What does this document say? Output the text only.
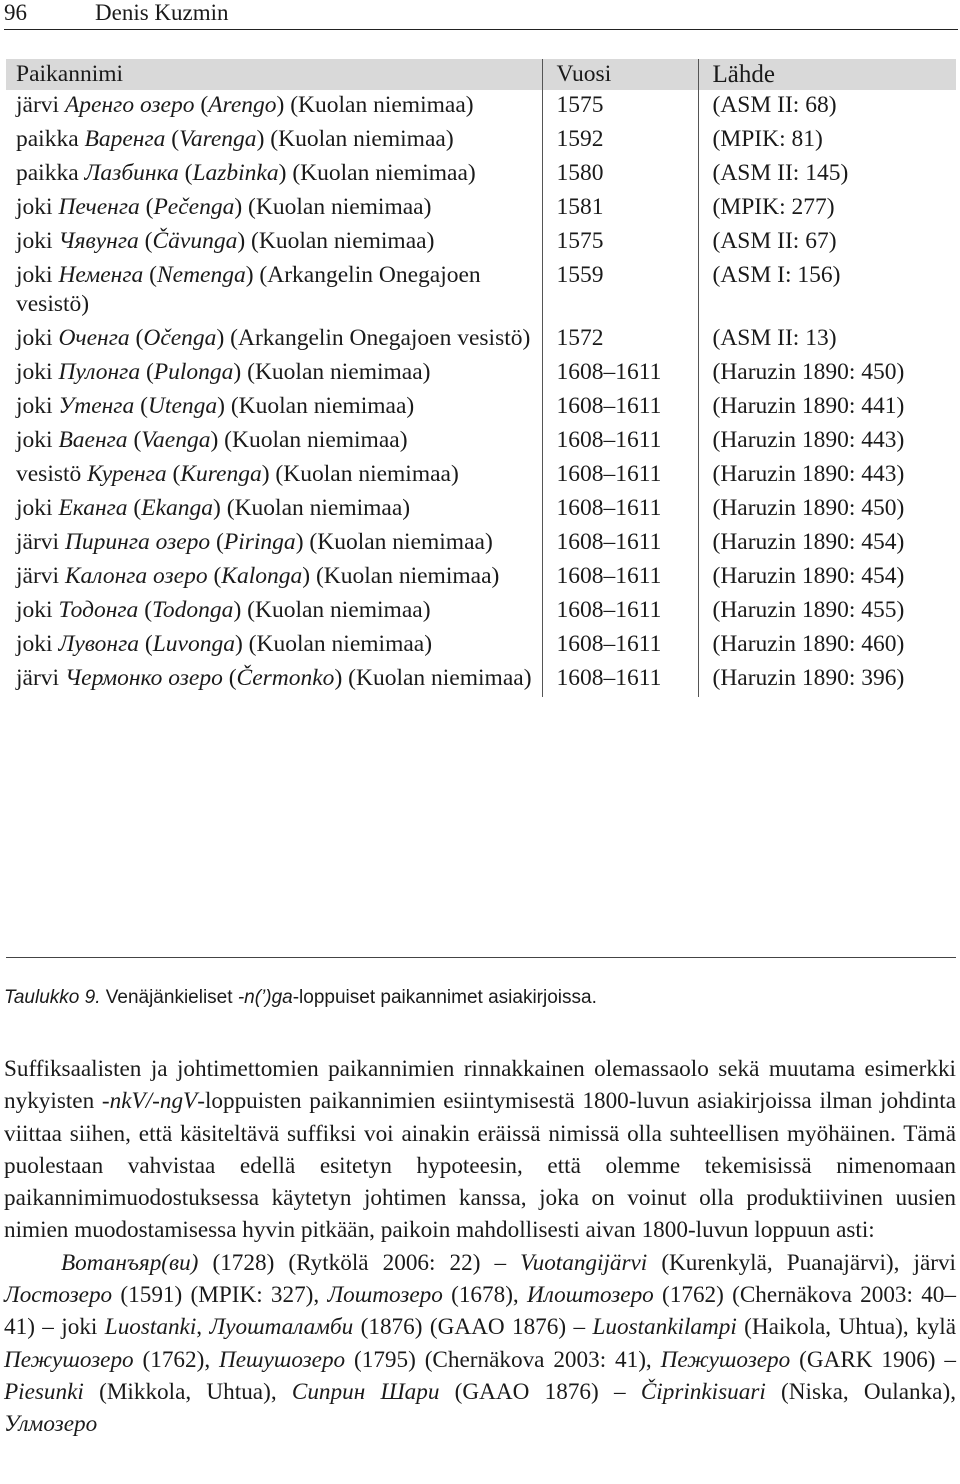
96	Denis Kuzmin
Paikannimi	Vuosi	Lähde
järvi Аренго озеро (Arengo) (Kuolan niemimaa)	1575	(ASM II: 68)
paikka Варенга (Varenga) (Kuolan niemimaa)	1592	(MPIK: 81)
paikka Лазбинка (Lazbinka) (Kuolan niemimaa)	1580	(ASM II: 145)
joki Печенга (Pečenga) (Kuolan niemimaa)	1581	(MPIK: 277)
joki Чявунга (Čävunga) (Kuolan niemimaa)	1575	(ASM II: 67)
joki Неменга (Nemenga) (Arkangelin Onegajoen vesistö)	1559	(ASM I: 156)
joki Оченга (Očenga) (Arkangelin Onegajoen vesistö)	1572	(ASM II: 13)
joki Пулонга (Pulonga) (Kuolan niemimaa)	1608–1611	(Haruzin 1890: 450)
joki Утенга (Utenga) (Kuolan niemimaa)	1608–1611	(Haruzin 1890: 441)
joki Ваенга (Vaenga) (Kuolan niemimaa)	1608–1611	(Haruzin 1890: 443)
vesistö Куренга (Kurenga) (Kuolan niemimaa)	1608–1611	(Haruzin 1890: 443)
joki Еканга (Ekanga) (Kuolan niemimaa)	1608–1611	(Haruzin 1890: 450)
järvi Пиринга озеро (Piringa) (Kuolan niemimaa)	1608–1611	(Haruzin 1890: 454)
järvi Калонга озеро (Kalonga) (Kuolan niemimaa)	1608–1611	(Haruzin 1890: 454)
joki Тодонга (Todonga) (Kuolan niemimaa)	1608–1611	(Haruzin 1890: 455)
joki Лувонга (Luvonga) (Kuolan niemimaa)	1608–1611	(Haruzin 1890: 460)
järvi Чермонко озеро (Čermonko) (Kuolan niemimaa)	1608–1611	(Haruzin 1890: 396)
Taulukko 9. Venäjänkieliset -n(’)ga-loppuiset paikannimet asiakirjoissa.

Suffiksaalisten ja johtimettomien paikannimien rinnakkainen olemassaolo sekä muutama esimerkki nykyisten -nkV/-ngV-loppuisten paikannimien esiintymisestä 1800-luvun asiakirjoissa ilman johdinta viittaa siihen, että käsiteltävä suffiksi voi ainakin eräissä nimissä olla suhteellisen myöhäinen. Tämä puolestaan vahvistaa edellä esitetyn hypoteesin, että olemme tekemisissä nimenomaan paikannimimuodostuksessa käytetyn johtimen kanssa, joka on voinut olla produktiivinen uusien nimien muodostamisessa hyvin pitkään, paikoin mahdollisesti aivan 1800-luvun loppuun asti:

Вотанъяр(ви) (1728) (Rytkölä 2006: 22) – Vuotangijärvi (Kurenkylä, Puanajärvi), järvi Лостозеро (1591) (MPIK: 327), Лоштозеро (1678), Илоштозеро (1762) (Chernäkova 2003: 40–41) – joki Luostanki, Луошталамби (1876) (GAAO 1876) – Luostankilampi (Haikola, Uhtua), kylä Пежушозеро (1762), Пешушозеро (1795) (Chernäkova 2003: 41), Пежушозеро (GARK 1906) – Piesunki (Mikkola, Uhtua), Сиприн Шари (GAAO 1876) – Čiprinkisuari (Niska, Oulanka), Улмозеро
